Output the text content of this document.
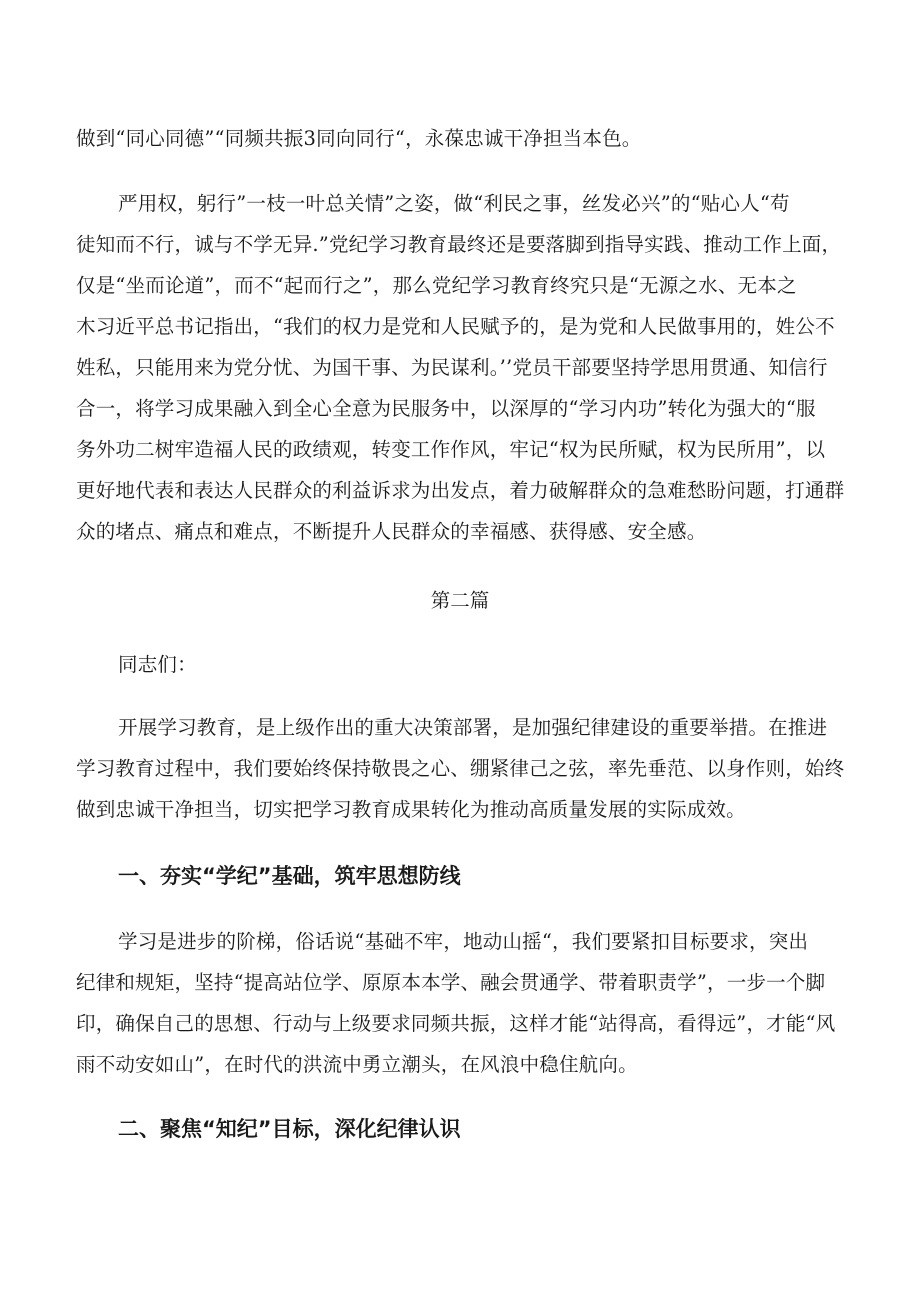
做到“同心同德”“同频共振3同向同行“，永葆忠诚干净担当本色。
严用权，躬行”一枝一叶总关情”之姿，做“利民之事，丝发必兴”的“贴心人“苟
徒知而不行，诚与不学无异.”党纪学习教育最终还是要落脚到指导实践、推动工作上面，
仅是“坐而论道”，而不“起而行之”，那么党纪学习教育终究只是“无源之水、无本之
木习近平总书记指出，“我们的权力是党和人民赋予的，是为党和人民做事用的，姓公不
姓私，只能用来为党分忧、为国干事、为民谋利。’’党员干部要坚持学思用贯通、知信行
合一，将学习成果融入到全心全意为民服务中，以深厚的“学习内功”转化为强大的“服
务外功二树牢造福人民的政绩观，转变工作作风，牢记“权为民所赋，权为民所用”，以
更好地代表和表达人民群众的利益诉求为出发点，着力破解群众的急难愁盼问题，打通群
众的堵点、痛点和难点，不断提升人民群众的幸福感、获得感、安全感。
第二篇
同志们：
开展学习教育，是上级作出的重大决策部署，是加强纪律建设的重要举措。在推进
学习教育过程中，我们要始终保持敬畏之心、绷紧律己之弦，率先垂范、以身作则，始终
做到忠诚干净担当，切实把学习教育成果转化为推动高质量发展的实际成效。
一、夯实“学纪”基础，筑牢思想防线
学习是进步的阶梯，俗话说“基础不牢，地动山摇“，我们要紧扣目标要求，突出
纪律和规矩，坚持“提高站位学、原原本本学、融会贯通学、带着职责学”，一步一个脚
印，确保自己的思想、行动与上级要求同频共振，这样才能“站得高，看得远”，才能“风
雨不动安如山”，在时代的洪流中勇立潮头，在风浪中稳住航向。
二、聚焦“知纪”目标，深化纪律认识
